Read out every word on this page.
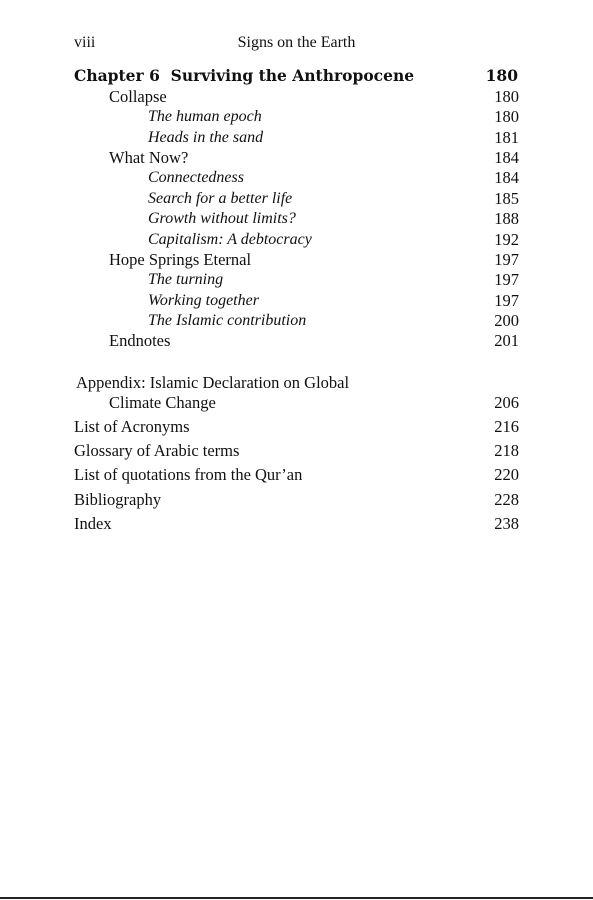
viii	Signs on the Earth
Chapter 6  Surviving the Anthropocene	180
Collapse	180
The human epoch	180
Heads in the sand	181
What Now?	184
Connectedness	184
Search for a better life	185
Growth without limits?	188
Capitalism: A debtocracy	192
Hope Springs Eternal	197
The turning	197
Working together	197
The Islamic contribution	200
Endnotes	201
Appendix: Islamic Declaration on Global
Climate Change	206
List of Acronyms	216
Glossary of Arabic terms	218
List of quotations from the Qur’an	220
Bibliography	228
Index	238
